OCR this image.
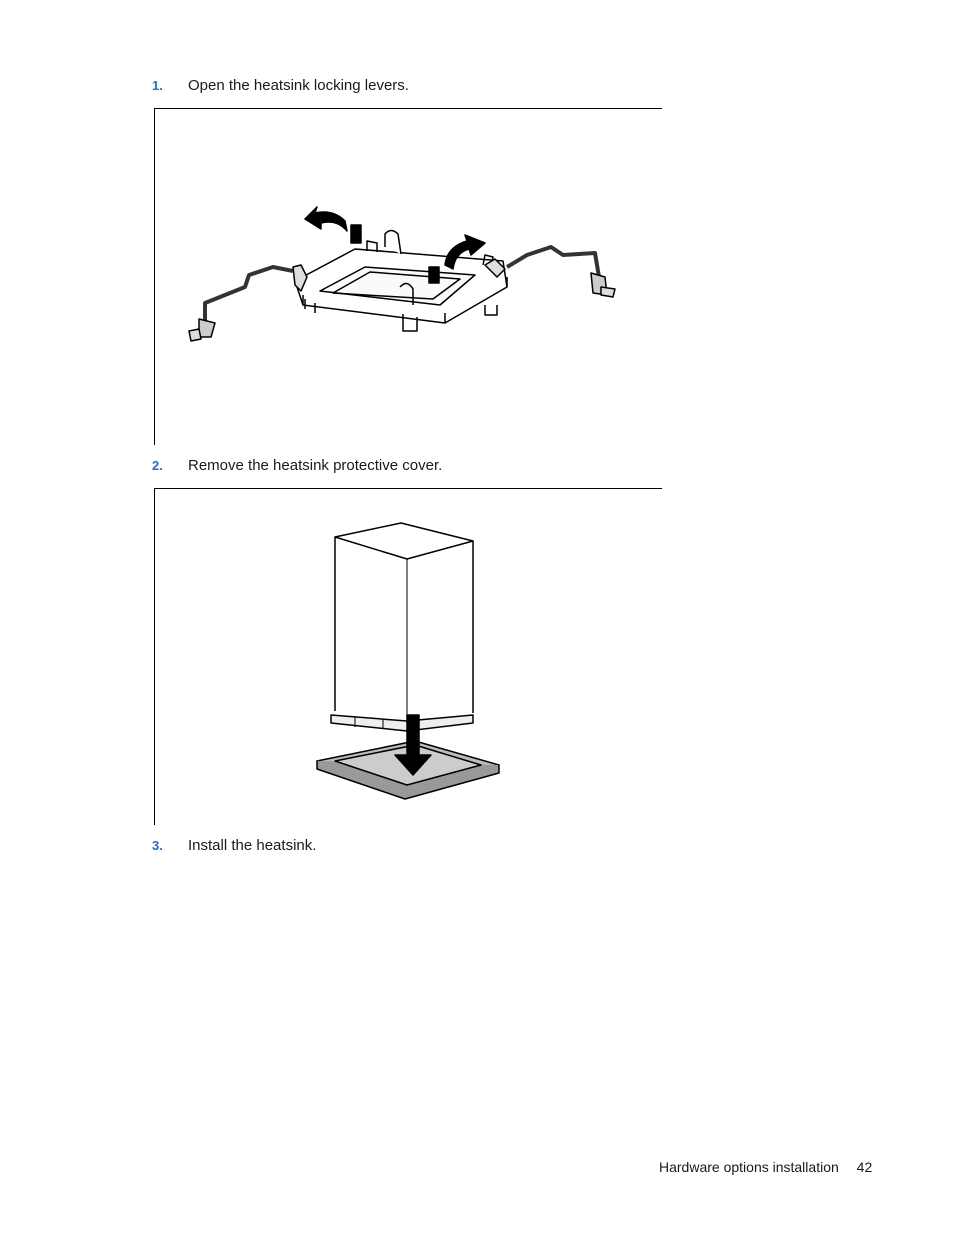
1. Open the heatsink locking levers.
2. Remove the heatsink protective cover.
3. Install the heatsink.
Hardware options installation 42
